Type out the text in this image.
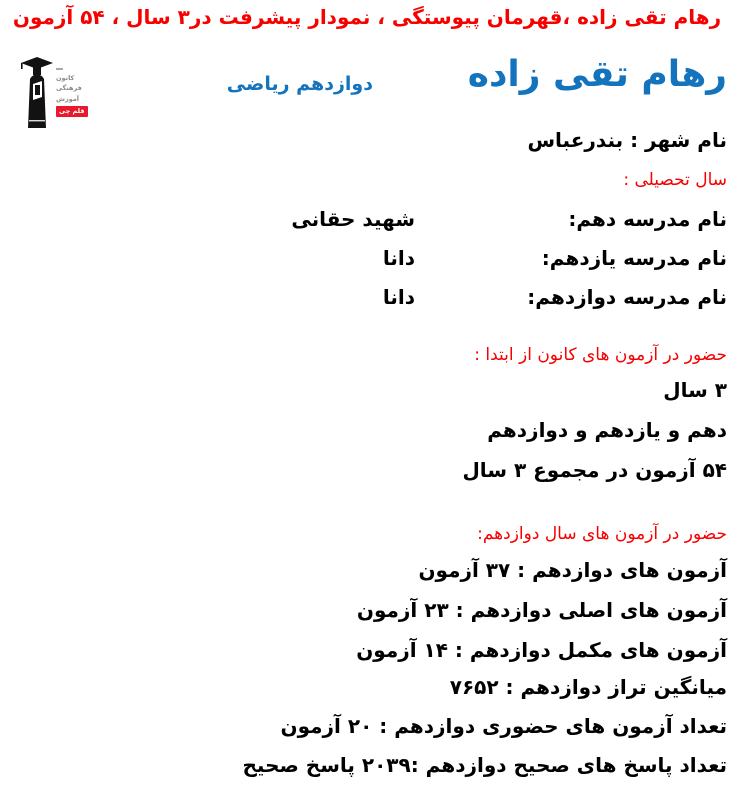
رهام تقی زاده ،قهرمان پیوستگی ، نمودار پیشرفت در۳ سال ، ۵۴ آزمون
کانون
فرهنگی
آموزش
قلم چی
رهام تقی زاده
دوازدهم ریاضی
نام شهر : بندرعباس
سال تحصیلی :
نام مدرسه دهم:
شهید حقانی
نام مدرسه یازدهم:
دانا
نام مدرسه دوازدهم:
دانا
حضور در آزمون های کانون از ابتدا :
۳ سال
دهم و یازدهم و دوازدهم
۵۴ آزمون در مجموع ۳ سال
حضور در آزمون های سال دوازدهم:
آزمون های دوازدهم : ۳۷ آزمون
آزمون های اصلی دوازدهم : ۲۳ آزمون
آزمون های مکمل دوازدهم : ۱۴ آزمون
میانگین تراز دوازدهم : ۷۶۵۲
تعداد آزمون های حضوری دوازدهم : ۲۰ آزمون
تعداد پاسخ های صحیح دوازدهم :۲۰۳۹ پاسخ صحیح
